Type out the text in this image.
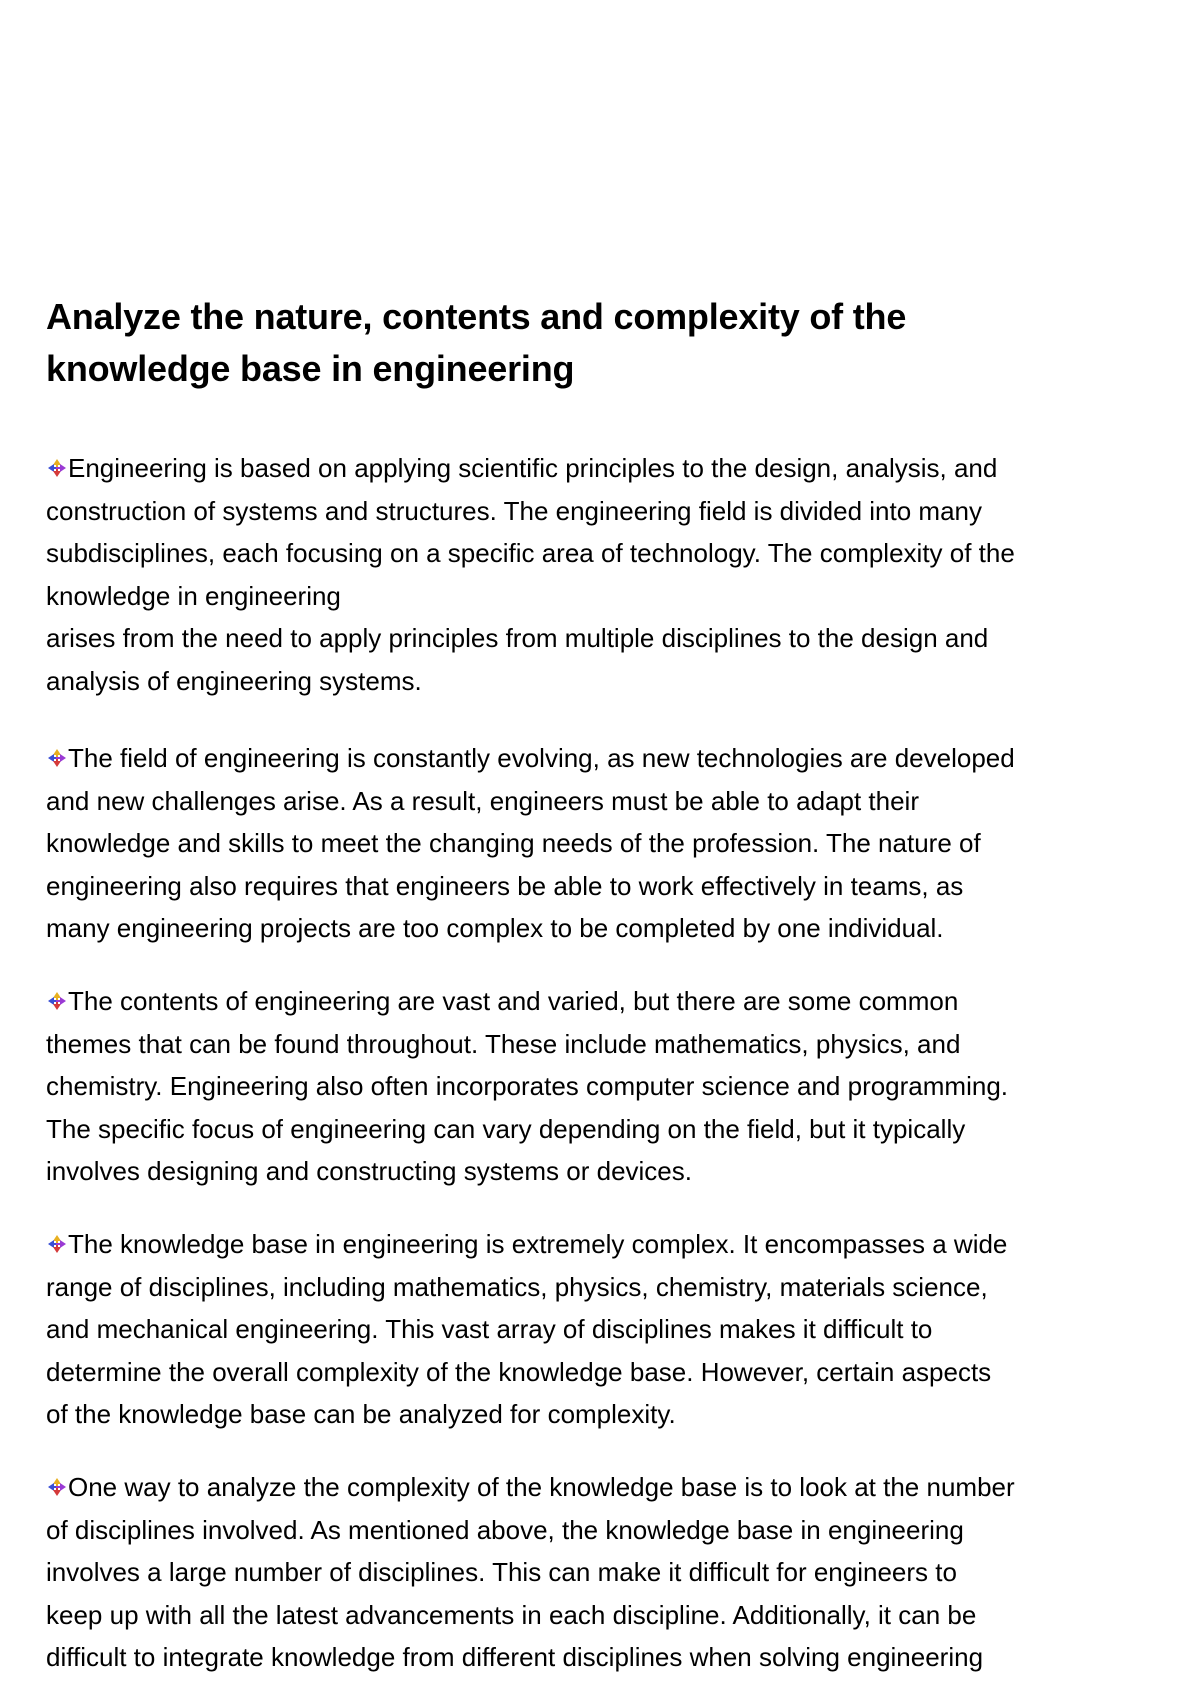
Analyze the nature, contents and complexity of the
knowledge base in engineering
Engineering is based on applying scientific principles to the design, analysis, and
construction of systems and structures. The engineering field is divided into many
subdisciplines, each focusing on a specific area of technology. The complexity of the
knowledge in engineering
arises from the need to apply principles from multiple disciplines to the design and
analysis of engineering systems.
The field of engineering is constantly evolving, as new technologies are developed
and new challenges arise. As a result, engineers must be able to adapt their
knowledge and skills to meet the changing needs of the profession. The nature of
engineering also requires that engineers be able to work effectively in teams, as
many engineering projects are too complex to be completed by one individual.
The contents of engineering are vast and varied, but there are some common
themes that can be found throughout. These include mathematics, physics, and
chemistry. Engineering also often incorporates computer science and programming.
The specific focus of engineering can vary depending on the field, but it typically
involves designing and constructing systems or devices.
The knowledge base in engineering is extremely complex. It encompasses a wide
range of disciplines, including mathematics, physics, chemistry, materials science,
and mechanical engineering. This vast array of disciplines makes it difficult to
determine the overall complexity of the knowledge base. However, certain aspects
of the knowledge base can be analyzed for complexity.
One way to analyze the complexity of the knowledge base is to look at the number
of disciplines involved. As mentioned above, the knowledge base in engineering
involves a large number of disciplines. This can make it difficult for engineers to
keep up with all the latest advancements in each discipline. Additionally, it can be
difficult to integrate knowledge from different disciplines when solving engineering
